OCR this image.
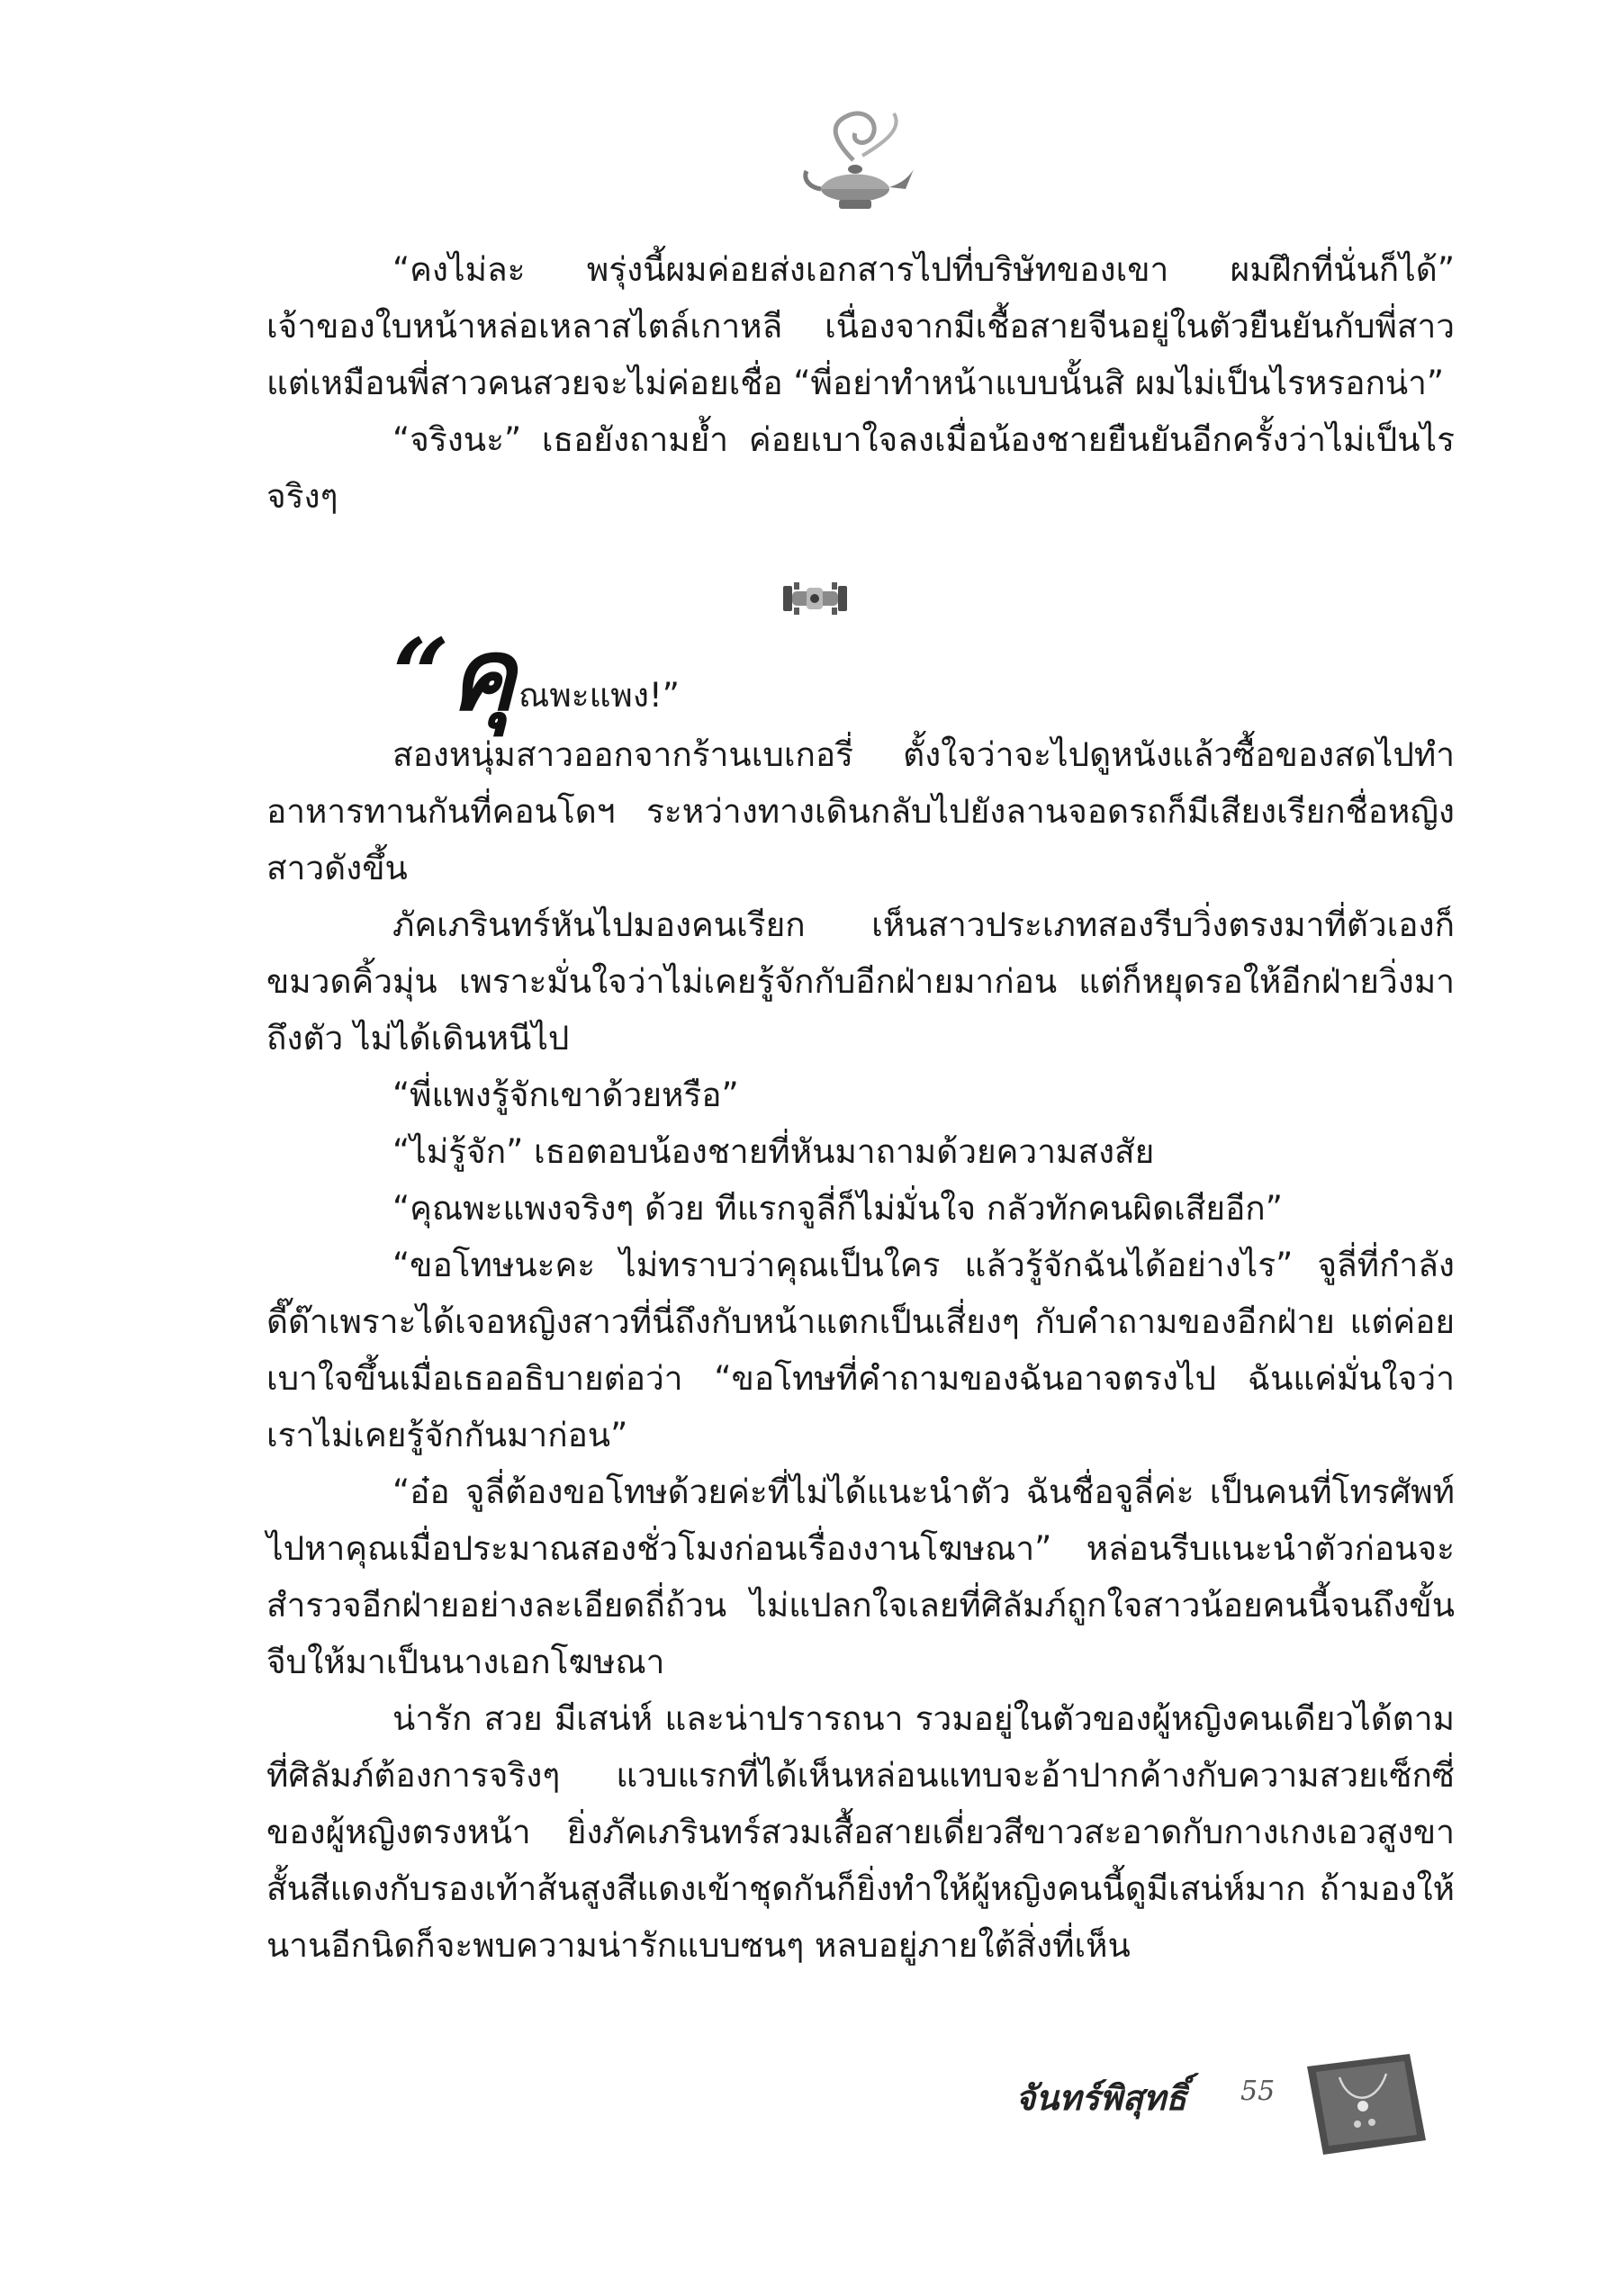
“คงไม่ละ พรุ่งนี้ผมค่อยส่งเอกสารไปที่บริษัทของเขา ผมฝึกที่นั่นก็ได้” เจ้าของใบหน้าหล่อเหลาสไตล์เกาหลี เนื่องจากมีเชื้อสายจีนอยู่ในตัวยืนยันกับพี่สาว แต่เหมือนพี่สาวคนสวยจะไม่ค่อยเชื่อ “พี่อย่าทำหน้าแบบนั้นสิ ผมไม่เป็นไรหรอกน่า”

“จริงนะ” เธอยังถามย้ำ ค่อยเบาใจลงเมื่อน้องชายยืนยันอีกครั้งว่าไม่เป็นไรจริงๆ

“คุ ณพะแพง!”

สองหนุ่มสาวออกจากร้านเบเกอรี่ ตั้งใจว่าจะไปดูหนังแล้วซื้อของสดไปทำอาหารทานกันที่คอนโดฯ ระหว่างทางเดินกลับไปยังลานจอดรถก็มีเสียงเรียกชื่อหญิงสาวดังขึ้น

ภัคเภรินทร์หันไปมองคนเรียก เห็นสาวประเภทสองรีบวิ่งตรงมาที่ตัวเองก็ขมวดคิ้วมุ่น เพราะมั่นใจว่าไม่เคยรู้จักกับอีกฝ่ายมาก่อน แต่ก็หยุดรอให้อีกฝ่ายวิ่งมาถึงตัว ไม่ได้เดินหนีไป

“พี่แพงรู้จักเขาด้วยหรือ”

“ไม่รู้จัก” เธอตอบน้องชายที่หันมาถามด้วยความสงสัย

“คุณพะแพงจริงๆ ด้วย ทีแรกจูลี่ก็ไม่มั่นใจ กลัวทักคนผิดเสียอีก”

“ขอโทษนะคะ ไม่ทราบว่าคุณเป็นใคร แล้วรู้จักฉันได้อย่างไร” จูลี่ที่กำลังดี๊ด๊าเพราะได้เจอหญิงสาวที่นี่ถึงกับหน้าแตกเป็นเสี่ยงๆ กับคำถามของอีกฝ่าย แต่ค่อยเบาใจขึ้นเมื่อเธออธิบายต่อว่า “ขอโทษที่คำถามของฉันอาจตรงไป ฉันแค่มั่นใจว่าเราไม่เคยรู้จักกันมาก่อน”

“อ๋อ จูลี่ต้องขอโทษด้วยค่ะที่ไม่ได้แนะนำตัว ฉันชื่อจูลี่ค่ะ เป็นคนที่โทรศัพท์ไปหาคุณเมื่อประมาณสองชั่วโมงก่อนเรื่องงานโฆษณา” หล่อนรีบแนะนำตัวก่อนจะสำรวจอีกฝ่ายอย่างละเอียดถี่ถ้วน ไม่แปลกใจเลยที่ศิลัมภ์ถูกใจสาวน้อยคนนี้จนถึงขั้นจีบให้มาเป็นนางเอกโฆษณา

น่ารัก สวย มีเสน่ห์ และน่าปรารถนา รวมอยู่ในตัวของผู้หญิงคนเดียวได้ตามที่ศิลัมภ์ต้องการจริงๆ แวบแรกที่ได้เห็นหล่อนแทบจะอ้าปากค้างกับความสวยเซ็กซี่ของผู้หญิงตรงหน้า ยิ่งภัคเภรินทร์สวมเสื้อสายเดี่ยวสีขาวสะอาดกับกางเกงเอวสูงขาสั้นสีแดงกับรองเท้าส้นสูงสีแดงเข้าชุดกันก็ยิ่งทำให้ผู้หญิงคนนี้ดูมีเสน่ห์มาก ถ้ามองให้นานอีกนิดก็จะพบความน่ารักแบบซนๆ หลบอยู่ภายใต้สิ่งที่เห็น

จันทร์พิสุทธิ์ 55
